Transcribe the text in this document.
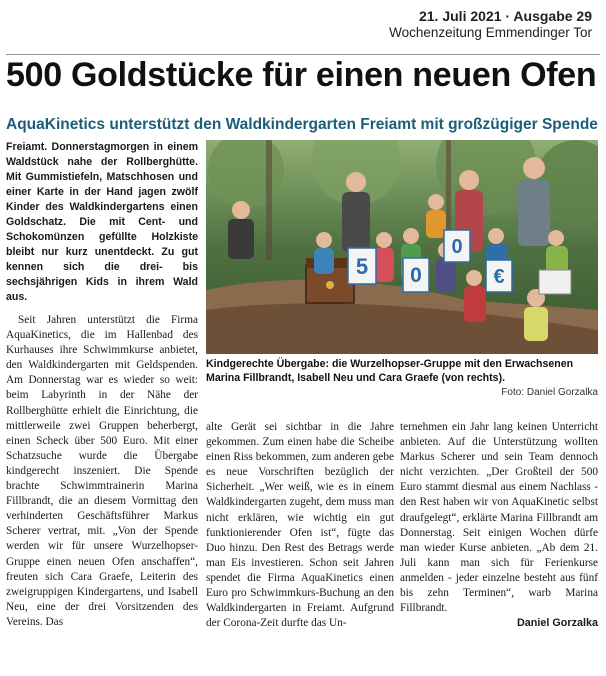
21. Juli 2021 · Ausgabe 29
Wochenzeitung Emmendinger Tor
500 Goldstücke für einen neuen Ofen
AquaKinetics unterstützt den Waldkindergarten Freiamt mit großzügiger Spende

Freiamt. Donnerstagmorgen in einem Waldstück nahe der Rollberghütte. Mit Gummistiefeln, Matschhosen und einer Karte in der Hand jagen zwölf Kinder des Waldkindergartens einen Goldschatz. Die mit Cent- und Schokomünzen gefüllte Holzkiste bleibt nur kurz unentdeckt. Zu gut kennen sich die drei- bis sechsjährigen Kids in ihrem Wald aus.

Seit Jahren unterstützt die Firma AquaKinetics, die im Hallenbad des Kurhauses ihre Schwimmkurse anbietet, den Waldkindergarten mit Geldspenden. Am Donnerstag war es wieder so weit: beim Labyrinth in der Nähe der Rollberghütte erhielt die Einrichtung, die mittlerweile zwei Gruppen beherbergt, einen Scheck über 500 Euro. Mit einer Schatzsuche wurde die Übergabe kindgerecht inszeniert. Die Spende brachte Schwimmtrainerin Marina Fillbrandt, die an diesem Vormittag den verhinderten Geschäftsführer Markus Scherer vertrat, mit. „Von der Spende werden wir für unsere Wurzelhopser-Gruppe einen neuen Ofen anschaffen“, freuten sich Cara Graefe, Leiterin des zweigruppigen Kindergartens, und Isabell Neu, eine der drei Vorsitzenden des Vereins. Das

5 0
0
€
Kindgerechte Übergabe: die Wurzelhopser-Gruppe mit den Erwachsenen Marina Fillbrandt, Isabell Neu und Cara Graefe (von rechts).
Foto: Daniel Gorzalka

alte Gerät sei sichtbar in die Jahre gekommen. Zum einen habe die Scheibe einen Riss bekommen, zum anderen gebe es neue Vorschriften bezüglich der Sicherheit. „Wer weiß, wie es in einem Waldkindergarten zugeht, dem muss man nicht erklären, wie wichtig ein gut funktionierender Ofen ist“, fügte das Duo hinzu. Den Rest des Betrags werde man Eis investieren. Schon seit Jahren spendet die Firma AquaKinetics einen Euro pro Schwimmkurs-Buchung an den Waldkindergarten in Freiamt. Aufgrund der Corona-Zeit durfte das Un-

ternehmen ein Jahr lang keinen Unterricht anbieten. Auf die Unterstützung wollten Markus Scherer und sein Team dennoch nicht verzichten. „Der Großteil der 500 Euro stammt diesmal aus einem Nachlass - den Rest haben wir von AquaKinetic selbst draufgelegt“, erklärte Marina Fillbrandt am Donnerstag. Seit einigen Wochen dürfe man wieder Kurse anbieten. „Ab dem 21. Juli kann man sich für Ferienkurse anmelden - jeder einzelne besteht aus fünf bis zehn Terminen“, warb Marina Fillbrandt.

Daniel Gorzalka
